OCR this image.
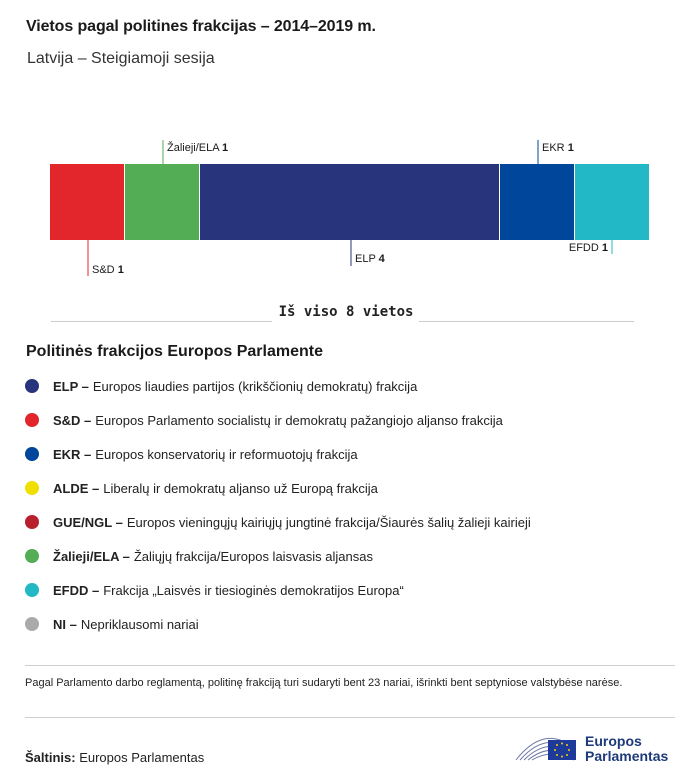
Vietos pagal politines frakcijas – 2014–2019 m.
Latvija – Steigiamoji sesija
S&D 1
Žalieji/ELA 1
ELP 4
EKR 1
EFDD 1
Iš viso 8 vietos
Politinės frakcijos Europos Parlamente
ELP – Europos liaudies partijos (krikščionių demokratų) frakcija
S&D – Europos Parlamento socialistų ir demokratų pažangiojo aljanso frakcija
EKR – Europos konservatorių ir reformuotojų frakcija
ALDE – Liberalų ir demokratų aljanso už Europą frakcija
GUE/NGL – Europos vieningųjų kairiųjų jungtinė frakcija/Šiaurės šalių žalieji kairieji
Žalieji/ELA – Žaliųjų frakcija/Europos laisvasis aljansas
EFDD – Frakcija „Laisvės ir tiesioginės demokratijos Europa“
NI – Nepriklausomi nariai
Pagal Parlamento darbo reglamentą, politinę frakciją turi sudaryti bent 23 nariai, išrinkti bent septyniose valstybėse narėse.
Šaltinis: Europos Parlamentas
Europos
Parlamentas
